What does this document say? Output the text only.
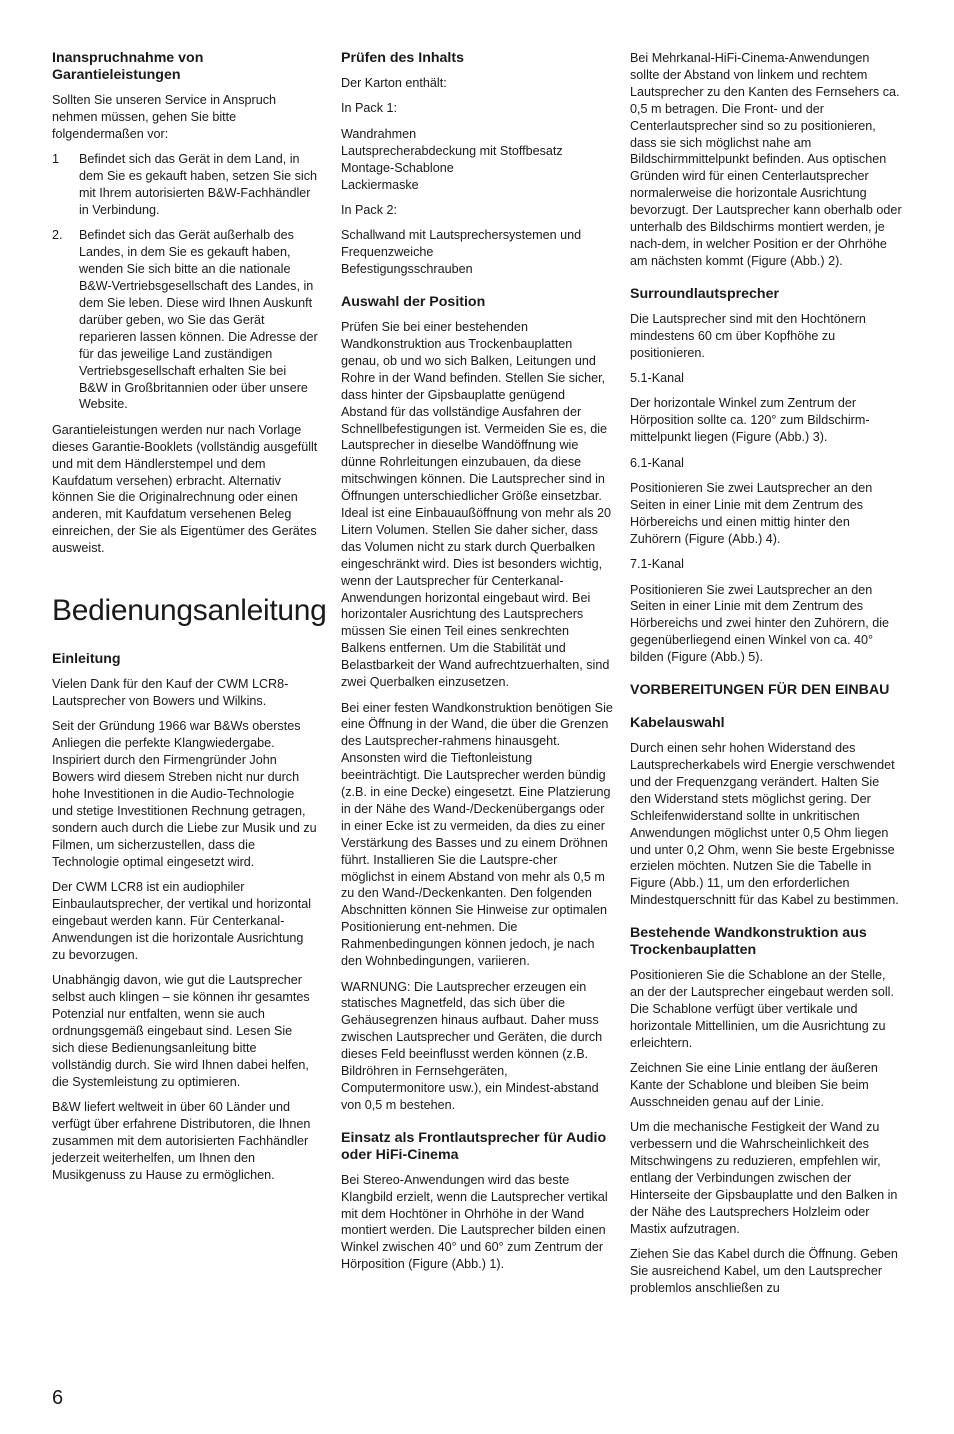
Inanspruchnahme von Garantieleistungen

Sollten Sie unseren Service in Anspruch nehmen müssen, gehen Sie bitte folgendermaßen vor:

1 Befindet sich das Gerät in dem Land, in dem Sie es gekauft haben, setzen Sie sich mit Ihrem autorisierten B&W-Fachhändler in Verbindung.
2. Befindet sich das Gerät außerhalb des Landes, in dem Sie es gekauft haben, wenden Sie sich bitte an die nationale B&W-Vertriebsgesellschaft des Landes, in dem Sie leben. Diese wird Ihnen Auskunft darüber geben, wo Sie das Gerät reparieren lassen können. Die Adresse der für das jeweilige Land zuständigen Vertriebsgesellschaft erhalten Sie bei B&W in Großbritannien oder über unsere Website.

Garantieleistungen werden nur nach Vorlage dieses Garantie-Booklets (vollständig ausgefüllt und mit dem Händlerstempel und dem Kaufdatum versehen) erbracht. Alternativ können Sie die Originalrechnung oder einen anderen, mit Kaufdatum versehenen Beleg einreichen, der Sie als Eigentümer des Gerätes ausweist.

Bedienungsanleitung
Einleitung

Vielen Dank für den Kauf der CWM LCR8-Lautsprecher von Bowers und Wilkins.

Seit der Gründung 1966 war B&Ws oberstes Anliegen die perfekte Klangwiedergabe. Inspiriert durch den Firmengründer John Bowers wird diesem Streben nicht nur durch hohe Investitionen in die Audio-Technologie und stetige Investitionen Rechnung getragen, sondern auch durch die Liebe zur Musik und zu Filmen, um sicherzustellen, dass die Technologie optimal eingesetzt wird.

Der CWM LCR8 ist ein audiophiler Einbaulautsprecher, der vertikal und horizontal eingebaut werden kann. Für Centerkanal-Anwendungen ist die horizontale Ausrichtung zu bevorzugen.

Unabhängig davon, wie gut die Lautsprecher selbst auch klingen – sie können ihr gesamtes Potenzial nur entfalten, wenn sie auch ordnungsgemäß eingebaut sind. Lesen Sie sich diese Bedienungsanleitung bitte vollständig durch. Sie wird Ihnen dabei helfen, die Systemleistung zu optimieren.

B&W liefert weltweit in über 60 Länder und verfügt über erfahrene Distributoren, die Ihnen zusammen mit dem autorisierten Fachhändler jederzeit weiterhelfen, um Ihnen den Musikgenuss zu Hause zu ermöglichen.

Prüfen des Inhalts

Der Karton enthält:

In Pack 1:

Wandrahmen
Lautsprecherabdeckung mit Stoffbesatz
Montage-Schablone
Lackiermaske

In Pack 2:

Schallwand mit Lautsprechersystemen und Frequenzweiche
Befestigungsschrauben

Auswahl der Position

Prüfen Sie bei einer bestehenden Wandkonstruktion aus Trockenbauplatten genau, ob und wo sich Balken, Leitungen und Rohre in der Wand befinden. Stellen Sie sicher, dass hinter der Gipsbauplatte genügend Abstand für das vollständige Ausfahren der Schnellbefestigungen ist. Vermeiden Sie es, die Lautsprecher in dieselbe Wandöffnung wie dünne Rohrleitungen einzubauen, da diese mitschwingen können. Die Lautsprecher sind in Öffnungen unterschiedlicher Größe einsetzbar. Ideal ist eine Einbauaußöffnung von mehr als 20 Litern Volumen. Stellen Sie daher sicher, dass das Volumen nicht zu stark durch Querbalken eingeschränkt wird. Dies ist besonders wichtig, wenn der Lautsprecher für Centerkanal-Anwendungen horizontal eingebaut wird. Bei horizontaler Ausrichtung des Lautsprechers müssen Sie einen Teil eines senkrechten Balkens entfernen. Um die Stabilität und Belastbarkeit der Wand aufrechtzuerhalten, sind zwei Querbalken einzusetzen.

Bei einer festen Wandkonstruktion benötigen Sie eine Öffnung in der Wand, die über die Grenzen des Lautsprecher-rahmens hinausgeht. Ansonsten wird die Tieftonleistung beeinträchtigt. Die Lautsprecher werden bündig (z.B. in eine Decke) eingesetzt. Eine Platzierung in der Nähe des Wand-/Deckenübergangs oder in einer Ecke ist zu vermeiden, da dies zu einer Verstärkung des Basses und zu einem Dröhnen führt. Installieren Sie die Lautspre-cher möglichst in einem Abstand von mehr als 0,5 m zu den Wand-/Deckenkanten. Den folgenden Abschnitten können Sie Hinweise zur optimalen Positionierung ent-nehmen. Die Rahmenbedingungen können jedoch, je nach den Wohnbedingungen, variieren.

WARNUNG: Die Lautsprecher erzeugen ein statisches Magnetfeld, das sich über die Gehäusegrenzen hinaus aufbaut. Daher muss zwischen Lautsprecher und Geräten, die durch dieses Feld beeinflusst werden können (z.B. Bildröhren in Fernsehgeräten, Computermonitore usw.), ein Mindest-abstand von 0,5 m bestehen.

Einsatz als Frontlautsprecher für Audio oder HiFi-Cinema

Bei Stereo-Anwendungen wird das beste Klangbild erzielt, wenn die Lautsprecher vertikal mit dem Hochtöner in Ohrhöhe in der Wand montiert werden. Die Lautsprecher bilden einen Winkel zwischen 40° und 60° zum Zentrum der Hörposition (Figure (Abb.) 1).

Bei Mehrkanal-HiFi-Cinema-Anwendungen sollte der Abstand von linkem und rechtem Lautsprecher zu den Kanten des Fernsehers ca. 0,5 m betragen. Die Front- und der Centerlautsprecher sind so zu positionieren, dass sie sich möglichst nahe am Bildschirmmittelpunkt befinden. Aus optischen Gründen wird für einen Centerlautsprecher normalerweise die horizontale Ausrichtung bevorzugt. Der Lautsprecher kann oberhalb oder unterhalb des Bildschirms montiert werden, je nach-dem, in welcher Position er der Ohrhöhe am nächsten kommt (Figure (Abb.) 2).

Surroundlautsprecher

Die Lautsprecher sind mit den Hochtönern mindestens 60 cm über Kopfhöhe zu positionieren.

5.1-Kanal

Der horizontale Winkel zum Zentrum der Hörposition sollte ca. 120° zum Bildschirm-mittelpunkt liegen (Figure (Abb.) 3).

6.1-Kanal

Positionieren Sie zwei Lautsprecher an den Seiten in einer Linie mit dem Zentrum des Hörbereichs und einen mittig hinter den Zuhörern (Figure (Abb.) 4).

7.1-Kanal

Positionieren Sie zwei Lautsprecher an den Seiten in einer Linie mit dem Zentrum des Hörbereichs und zwei hinter den Zuhörern, die gegenüberliegend einen Winkel von ca. 40° bilden (Figure (Abb.) 5).

VORBEREITUNGEN FÜR DEN EINBAU
Kabelauswahl

Durch einen sehr hohen Widerstand des Lautsprecherkabels wird Energie verschwendet und der Frequenzgang verändert. Halten Sie den Widerstand stets möglichst gering. Der Schleifenwiderstand sollte in unkritischen Anwendungen möglichst unter 0,5 Ohm liegen und unter 0,2 Ohm, wenn Sie beste Ergebnisse erzielen möchten. Nutzen Sie die Tabelle in Figure (Abb.) 11, um den erforderlichen Mindestquerschnitt für das Kabel zu bestimmen.

Bestehende Wandkonstruktion aus Trockenbauplatten

Positionieren Sie die Schablone an der Stelle, an der der Lautsprecher eingebaut werden soll. Die Schablone verfügt über vertikale und horizontale Mittellinien, um die Ausrichtung zu erleichtern.

Zeichnen Sie eine Linie entlang der äußeren Kante der Schablone und bleiben Sie beim Ausschneiden genau auf der Linie.

Um die mechanische Festigkeit der Wand zu verbessern und die Wahrscheinlichkeit des Mitschwingens zu reduzieren, empfehlen wir, entlang der Verbindungen zwischen der Hinterseite der Gipsbauplatte und den Balken in der Nähe des Lautsprechers Holzleim oder Mastix aufzutragen.

Ziehen Sie das Kabel durch die Öffnung. Geben Sie ausreichend Kabel, um den Lautsprecher problemlos anschließen zu

6
